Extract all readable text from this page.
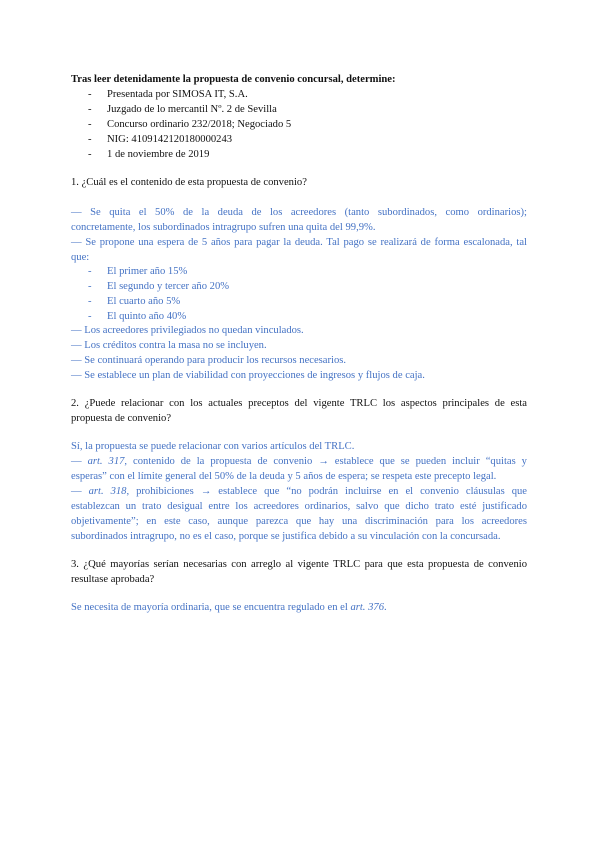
Tras leer detenidamente la propuesta de convenio concursal, determine:
- Presentada por SIMOSA IT, S.A.
- Juzgado de lo mercantil Nº. 2 de Sevilla
- Concurso ordinario 232/2018; Negociado 5
- NIG: 4109142120180000243
- 1 de noviembre de 2019
1. ¿Cuál es el contenido de esta propuesta de convenio?
— Se quita el 50% de la deuda de los acreedores (tanto subordinados, como ordinarios);
concretamente, los subordinados intragrupo sufren una quita del 99,9%.
— Se propone una espera de 5 años para pagar la deuda. Tal pago se realizará de forma escalonada, tal
que:
- El primer año 15%
- El segundo y tercer año 20%
- El cuarto año 5%
- El quinto año 40%
— Los acreedores privilegiados no quedan vinculados.
— Los créditos contra la masa no se incluyen.
— Se continuará operando para producir los recursos necesarios.
— Se establece un plan de viabilidad con proyecciones de ingresos y flujos de caja.
2. ¿Puede relacionar con los actuales preceptos del vigente TRLC los aspectos principales de esta
propuesta de convenio?
Sí, la propuesta se puede relacionar con varios artículos del TRLC.
— art. 317, contenido de la propuesta de convenio → establece que se pueden incluir “quitas y
esperas” con el límite general del 50% de la deuda y 5 años de espera; se respeta este precepto legal.
— art. 318, prohibiciones → establece que “no podrán incluirse en el convenio cláusulas que
establezcan un trato desigual entre los acreedores ordinarios, salvo que dicho trato esté justificado
objetivamente”; en este caso, aunque parezca que hay una discriminación para los acreedores
subordinados intragrupo, no es el caso, porque se justifica debido a su vinculación con la concursada.
3. ¿Qué mayorías serían necesarias con arreglo al vigente TRLC para que esta propuesta de convenio
resultase aprobada?
Se necesita de mayoría ordinaria, que se encuentra regulado en el art. 376.
